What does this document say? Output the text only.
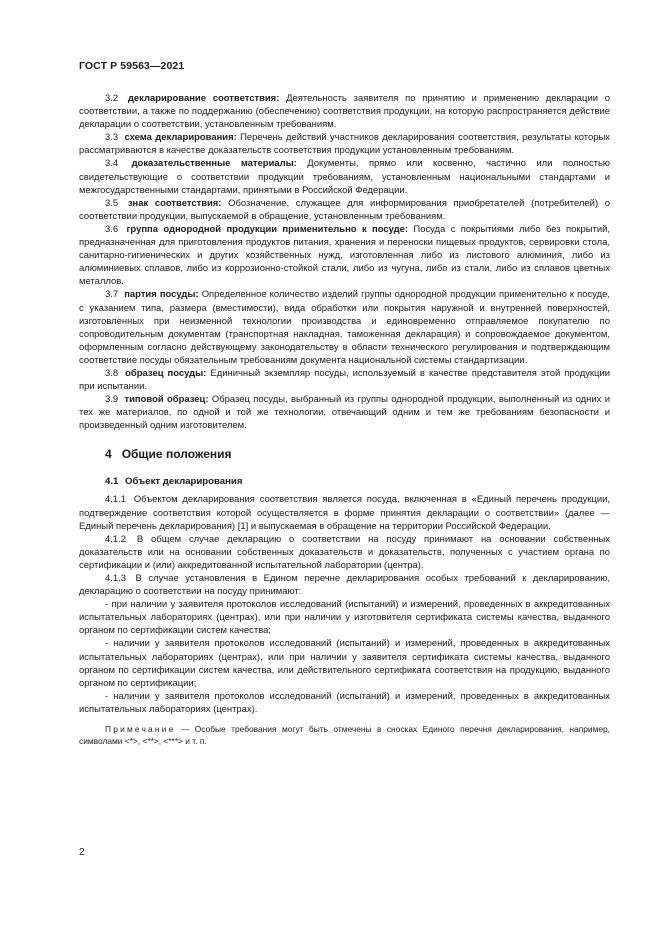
ГОСТ Р 59563—2021

3.2 декларирование соответствия: Деятельность заявителя по принятию и применению декларации о соответствии, а также по поддержанию (обеспечению) соответствия продукции, на которую распространяется действие декларации о соответствии, установленным требованиям.

3.3 схема декларирования: Перечень действий участников декларирования соответствия, результаты которых рассматриваются в качестве доказательств соответствия продукции установленным требованиям.

3.4 доказательственные материалы: Документы, прямо или косвенно, частично или полностью свидетельствующие о соответствии продукции требованиям, установленным национальными стандартами и межгосударственными стандартами, принятыми в Российской Федерации.

3.5 знак соответствия: Обозначение, служащее для информирования приобретателей (потребителей) о соответствии продукции, выпускаемой в обращение, установленным требованиям.

3.6 группа однородной продукции применительно к посуде: Посуда с покрытиями либо без покрытий, предназначенная для приготовления продуктов питания, хранения и переноски пищевых продуктов, сервировки стола, санитарно-гигиенических и других хозяйственных нужд, изготовленная либо из листового алюминия, либо из алюминиевых сплавов, либо из коррозионно-стойкой стали, либо из чугуна, либо из стали, либо из сплавов цветных металлов.

3.7 партия посуды: Определенное количество изделий группы однородной продукции применительно к посуде, с указанием типа, размера (вместимости), вида обработки или покрытия наружной и внутренней поверхностей, изготовленных при неизменной технологии производства и единовременно отправляемое покупателю по сопроводительным документам (транспортная накладная, таможенная декларация) и сопровождаемое документом, оформленным согласно действующему законодательству в области технического регулирования и подтверждающим соответствие посуды обязательным требованиям документа национальной системы стандартизации.

3.8 образец посуды: Единичный экземпляр посуды, используемый в качестве представителя этой продукции при испытании.

3.9 типовой образец: Образец посуды, выбранный из группы однородной продукции, выполненный из одних и тех же материалов, по одной и той же технологии, отвечающий одним и тем же требованиям безопасности и произведенный одним изготовителем.

4 Общие положения
4.1 Объект декларирования

4.1.1 Объектом декларирования соответствия является посуда, включенная в «Единый перечень продукции, подтверждение соответствия которой осуществляется в форме принятия декларации о соответствии» (далее — Единый перечень декларирования) [1] и выпускаемая в обращение на территории Российской Федерации.

4.1.2 В общем случае декларацию о соответствии на посуду принимают на основании собственных доказательств или на основании собственных доказательств и доказательств, полученных с участием органа по сертификации и (или) аккредитованной испытательной лаборатории (центра).

4.1.3 В случае установления в Едином перечне декларирования особых требований к декларированию, декларацию о соответствии на посуду принимают:

- при наличии у заявителя протоколов исследований (испытаний) и измерений, проведенных в аккредитованных испытательных лабораториях (центрах), или при наличии у изготовителя сертификата системы качества, выданного органом по сертификации систем качества;

- наличии у заявителя протоколов исследований (испытаний) и измерений, проведенных в аккредитованных испытательных лабораториях (центрах), или при наличии у заявителя сертификата системы качества, выданного органом по сертификации систем качества, или действительного сертификата соответствия на продукцию, выданного органом по сертификации;

- наличии у заявителя протоколов исследований (испытаний) и измерений, проведенных в аккредитованных испытательных лабораториях (центрах).

Примечание — Особые требования могут быть отмечены в сносках Единого перечня декларирования, например, символами <*>, <**>, <***> и т. п.

2
